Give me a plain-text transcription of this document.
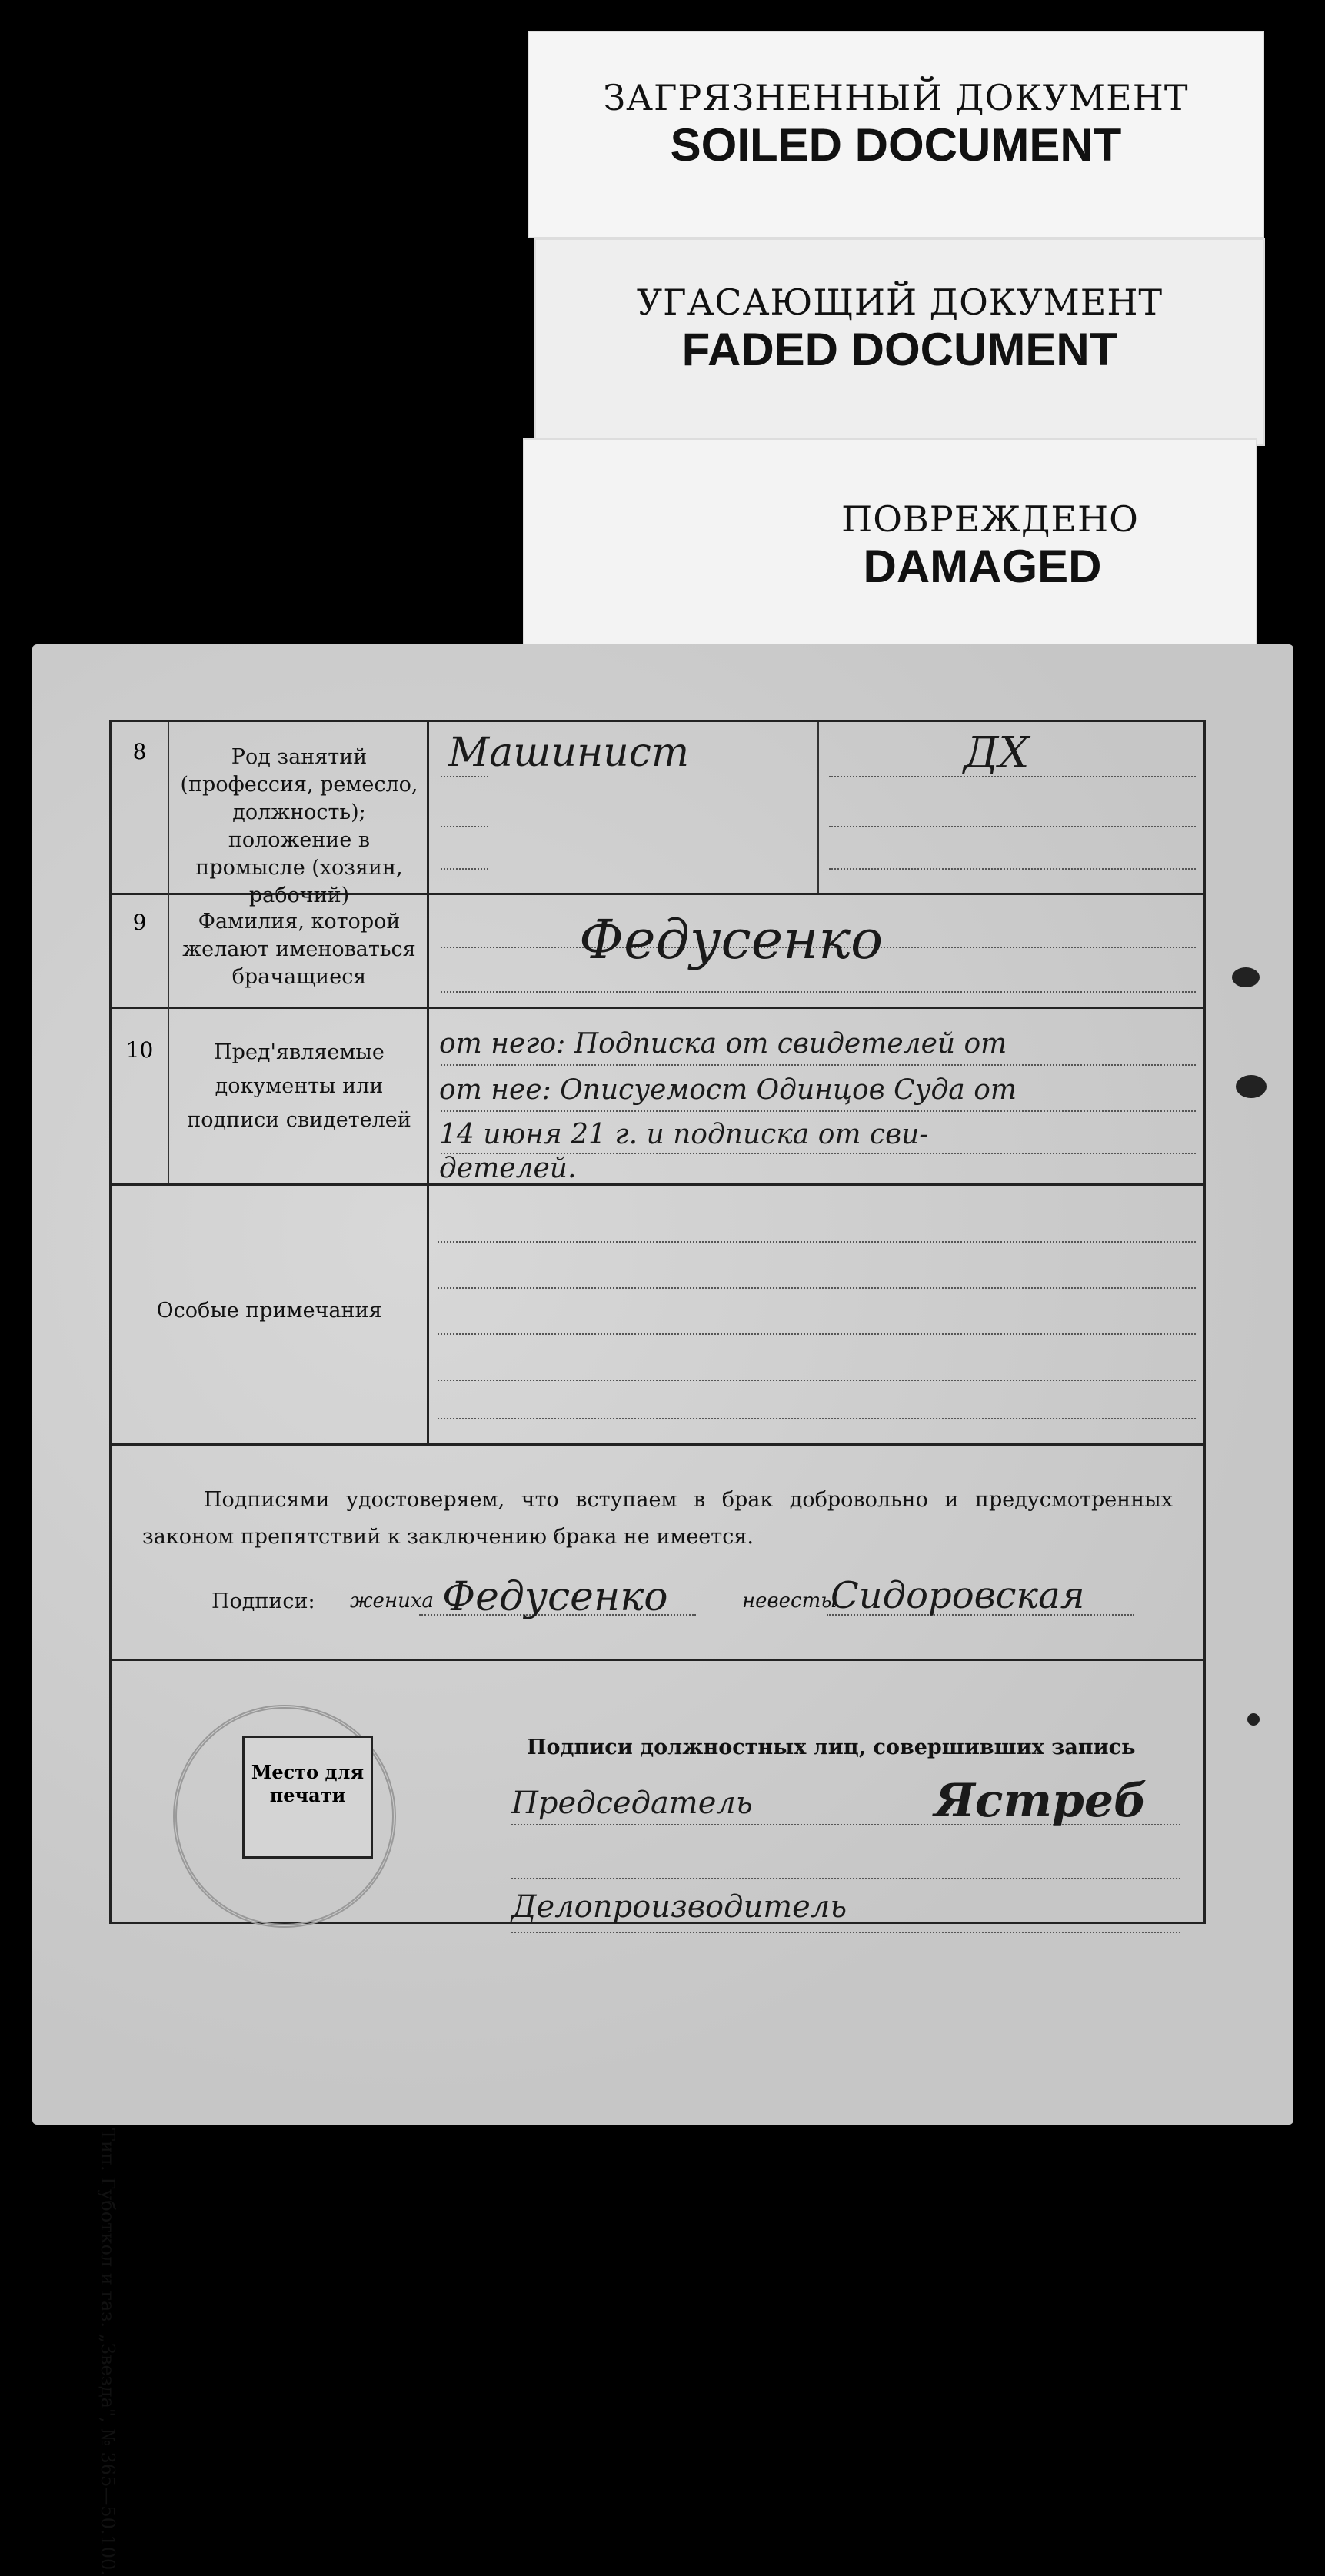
ЗАГРЯЗНЕННЫЙ ДОКУМЕНТ
SOILED DOCUMENT
УГАСАЮЩИЙ ДОКУМЕНТ
FADED DOCUMENT
ПОВРЕЖДЕНО
DAMAGED
Тип. Губоткол и газ. „Звезда", № 365—50.100.
8	Род занятий (профессия, ремесло, должность); положение в промысле (хозяин, рабочий)
Машинист	ДХ
9	Фамилия, которой желают именоваться брачащиеся
Федусенко
10	Пред'являемые документы или подписи свидетелей
от него: Подписка от свидетелей от
от нее: Описуемост Одинцов Суда от
14 июня 21 г. и подписка от сви-
детелей.
Особые примечания
Подписями удостоверяем, что вступаем в брак добровольно и предусмотренных законом препятствий к заключению брака не имеется.
Подписи: жениха Федусенко	невесты
Сидоровская
Место для печати
Подписи должностных лиц, совершивших запись
Председатель	Ястреб
Делопроизводитель
